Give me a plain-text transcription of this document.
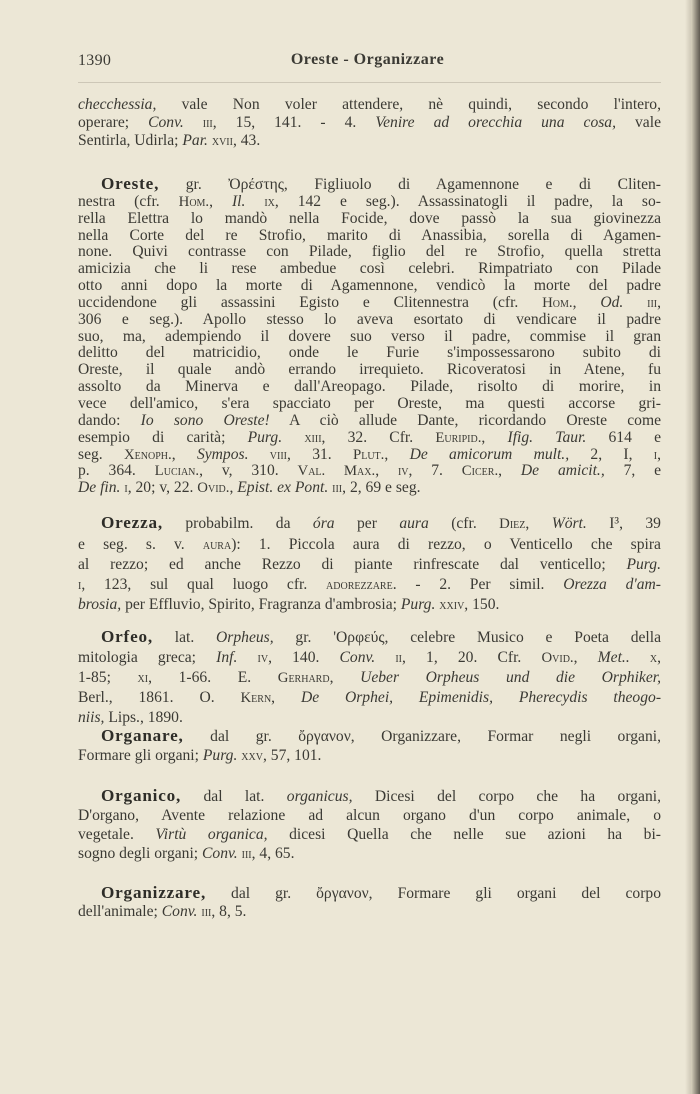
1390	Oreste - Organizzare
checchessia, vale Non voler attendere, nè quindi, secondo l'intero,
operare; Conv. iii, 15, 141. - 4. Venire ad orecchia una cosa, vale
Sentirla, Udirla; Par. xvii, 43.
Oreste, gr. Ὀρέστης, Figliuolo di Agamennone e di Cliten-
nestra (cfr. Hom., Il. ix, 142 e seg.). Assassinatogli il padre, la so-
rella Elettra lo mandò nella Focide, dove passò la sua giovinezza
nella Corte del re Strofio, marito di Anassibia, sorella di Agamen-
none. Quivi contrasse con Pilade, figlio del re Strofio, quella stretta
amicizia che li rese ambedue così celebri. Rimpatriato con Pilade
otto anni dopo la morte di Agamennone, vendicò la morte del padre
uccidendone gli assassini Egisto e Clitennestra (cfr. Hom., Od. iii,
306 e seg.). Apollo stesso lo aveva esortato di vendicare il padre
suo, ma, adempiendo il dovere suo verso il padre, commise il gran
delitto del matricidio, onde le Furie s'impossessarono subito di
Oreste, il quale andò errando irrequieto. Ricoveratosi in Atene, fu
assolto da Minerva e dall'Areopago. Pilade, risolto di morire, in
vece dell'amico, s'era spacciato per Oreste, ma questi accorse gri-
dando: Io sono Oreste! A ciò allude Dante, ricordando Oreste come
esempio di carità; Purg. xiii, 32. Cfr. Euripid., Ifig. Taur. 614 e
seg. Xenoph., Sympos. viii, 31. Plut., De amicorum mult., 2, I, i,
p. 364. Lucian., v, 310. Val. Max., iv, 7. Cicer., De amicit., 7, e
De fin. i, 20; v, 22. Ovid., Epist. ex Pont. iii, 2, 69 e seg.
Orezza, probabilm. da óra per aura (cfr. Diez, Wört. I³, 39
e seg. s. v. aura): 1. Piccola aura di rezzo, o Venticello che spira
al rezzo; ed anche Rezzo di piante rinfrescate dal venticello; Purg.
i, 123, sul qual luogo cfr. adorezzare. - 2. Per simil. Orezza d'am-
brosia, per Effluvio, Spirito, Fragranza d'ambrosia; Purg. xxiv, 150.
Orfeo, lat. Orpheus, gr. 'Ορφεύς, celebre Musico e Poeta della
mitologia greca; Inf. iv, 140. Conv. ii, 1, 20. Cfr. Ovid., Met.. x,
1-85; xi, 1-66. E. Gerhard, Ueber Orpheus und die Orphiker,
Berl., 1861. O. Kern, De Orphei, Epimenidis, Pherecydis theogo-
niis, Lips., 1890.
Organare, dal gr. ὄργανον, Organizzare, Formar negli organi,
Formare gli organi; Purg. xxv, 57, 101.
Organico, dal lat. organicus, Dicesi del corpo che ha organi,
D'organo, Avente relazione ad alcun organo d'un corpo animale, o
vegetale. Virtù organica, dicesi Quella che nelle sue azioni ha bi-
sogno degli organi; Conv. iii, 4, 65.
Organizzare, dal gr. ὄργανον, Formare gli organi del corpo
dell'animale; Conv. iii, 8, 5.
